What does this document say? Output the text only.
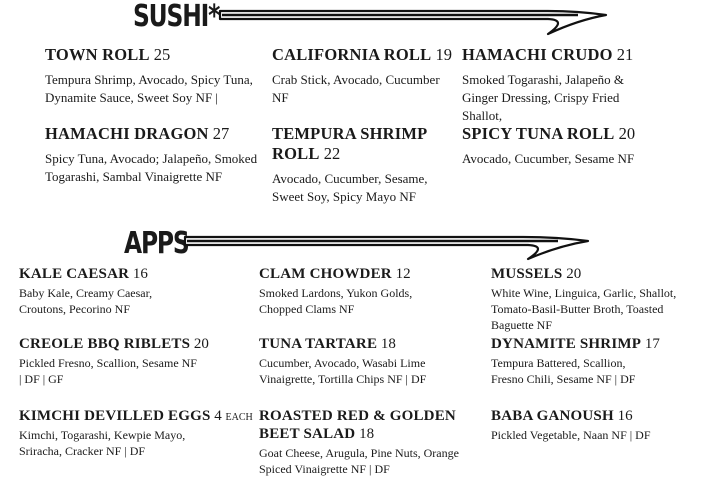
SUSHI*
TOWN ROLL 25
Tempura Shrimp, Avocado, Spicy Tuna, Dynamite Sauce, Sweet Soy NF |
CALIFORNIA ROLL 19
Crab Stick, Avocado, Cucumber NF
HAMACHI CRUDO 21
Smoked Togarashi, Jalapeño & Ginger Dressing, Crispy Fried Shallot,
HAMACHI DRAGON 27
Spicy Tuna, Avocado; Jalapeño, Smoked Togarashi, Sambal Vinaigrette NF
TEMPURA SHRIMP ROLL 22
Avocado, Cucumber, Sesame, Sweet Soy, Spicy Mayo NF
SPICY TUNA ROLL 20
Avocado, Cucumber, Sesame NF
APPS
KALE CAESAR 16
Baby Kale, Creamy Caesar, Croutons, Pecorino NF
CLAM CHOWDER 12
Smoked Lardons, Yukon Golds, Chopped Clams NF
MUSSELS 20
White Wine, Linguica, Garlic, Shallot, Tomato-Basil-Butter Broth, Toasted Baguette NF
CREOLE BBQ RIBLETS 20
Pickled Fresno, Scallion, Sesame NF | DF | GF
TUNA TARTARE 18
Cucumber, Avocado, Wasabi Lime Vinaigrette, Tortilla Chips NF | DF
DYNAMITE SHRIMP 17
Tempura Battered, Scallion, Fresno Chili, Sesame NF | DF
KIMCHI DEVILLED EGGS 4 EACH
Kimchi, Togarashi, Kewpie Mayo, Sriracha, Cracker NF | DF
ROASTED RED & GOLDEN BEET SALAD 18
Goat Cheese, Arugula, Pine Nuts, Orange Spiced Vinaigrette NF | DF
BABA GANOUSH 16
Pickled Vegetable, Naan NF | DF
